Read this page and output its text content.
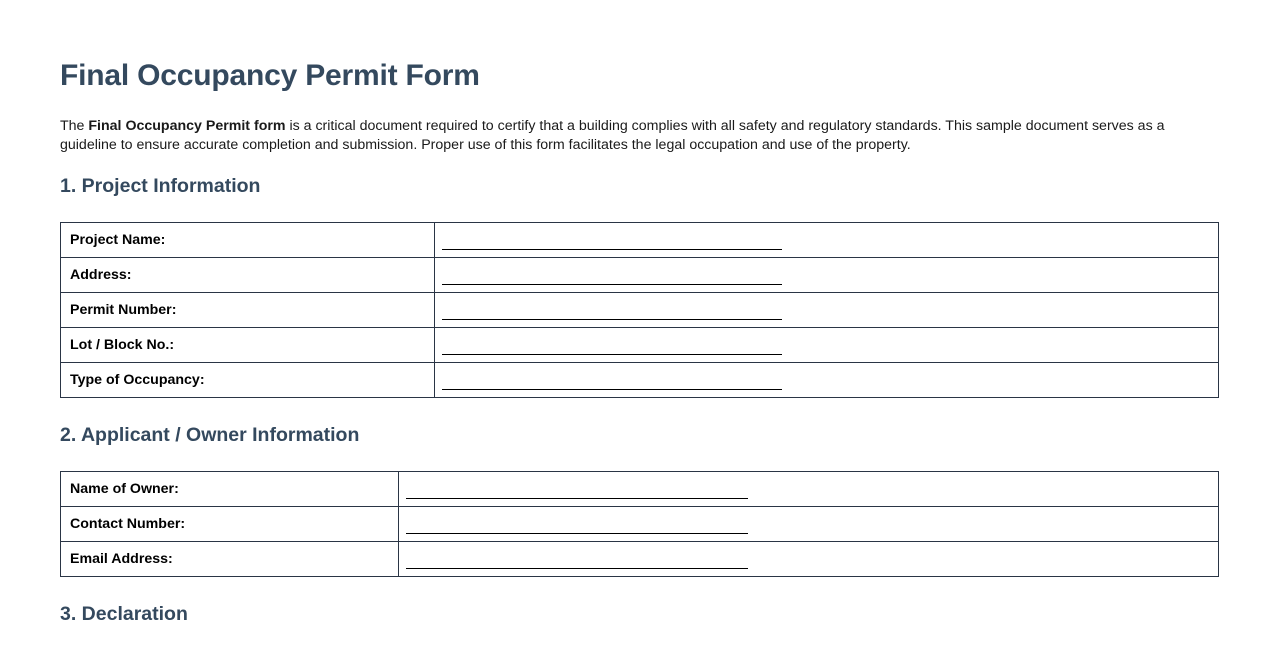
Final Occupancy Permit Form

The Final Occupancy Permit form is a critical document required to certify that a building complies with all safety and regulatory standards. This sample document serves as a guideline to ensure accurate completion and submission. Proper use of this form facilitates the legal occupation and use of the property.

1. Project Information
Project Name:	

Address:	

Permit Number:	

Lot / Block No.:	

Type of Occupancy:	
2. Applicant / Owner Information
Name of Owner:	

Contact Number:	

Email Address:	
3. Declaration
